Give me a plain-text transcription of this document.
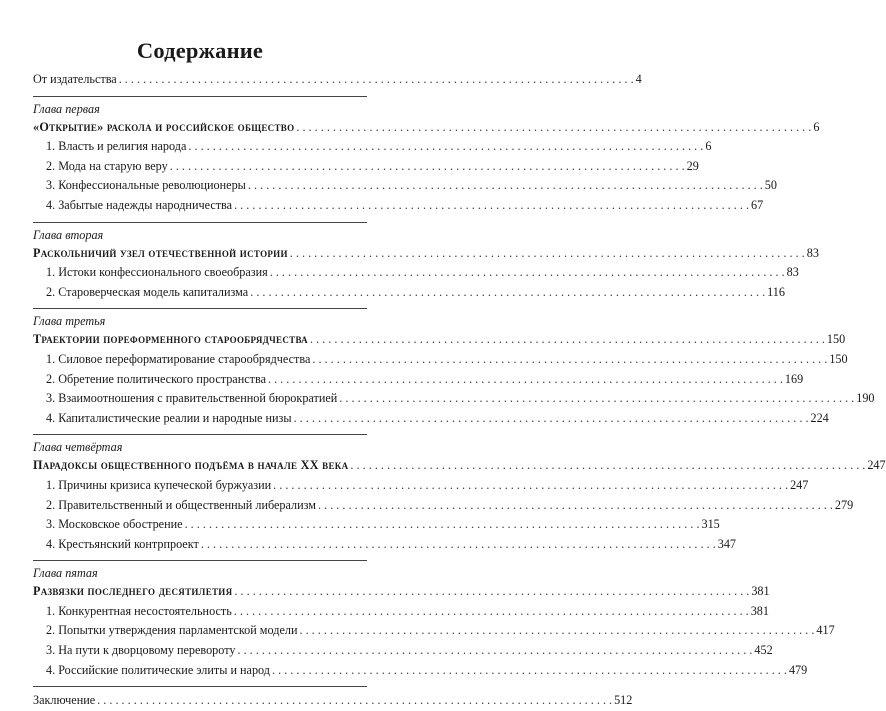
Содержание
От издательства . . .	4
Глава первая
«Открытие» раскола и российское общество . . .	6
1. Власть и религия народа . . .	6
2. Мода на старую веру . . .	29
3. Конфессиональные революционеры . . .	50
4. Забытые надежды народничества . . .	67
Глава вторая
Раскольничий узел отечественной истории . . .	83
1. Истоки конфессионального своеобразия . . .	83
2. Староверческая модель капитализма . . .	116
Глава третья
Траектории пореформенного старообрядчества . . .	150
1. Силовое переформатирование старообрядчества . . .	150
2. Обретение политического пространства . . .	169
3. Взаимоотношения с правительственной бюрократией . . .	190
4. Капиталистические реалии и народные низы . . .	224
Глава четвёртая
Парадоксы общественного подъёма в начале XX века . . .	247
1. Причины кризиса купеческой буржуазии . . .	247
2. Правительственный и общественный либерализм . . .	279
3. Московское обострение . . .	315
4. Крестьянский контрпроект . . .	347
Глава пятая
Развязки последнего десятилетия . . .	381
1. Конкурентная несостоятельность . . .	381
2. Попытки утверждения парламентской модели . . .	417
3. На пути к дворцовому перевороту . . .	452
4. Российские политические элиты и народ . . .	479
Заключение . . .	512
